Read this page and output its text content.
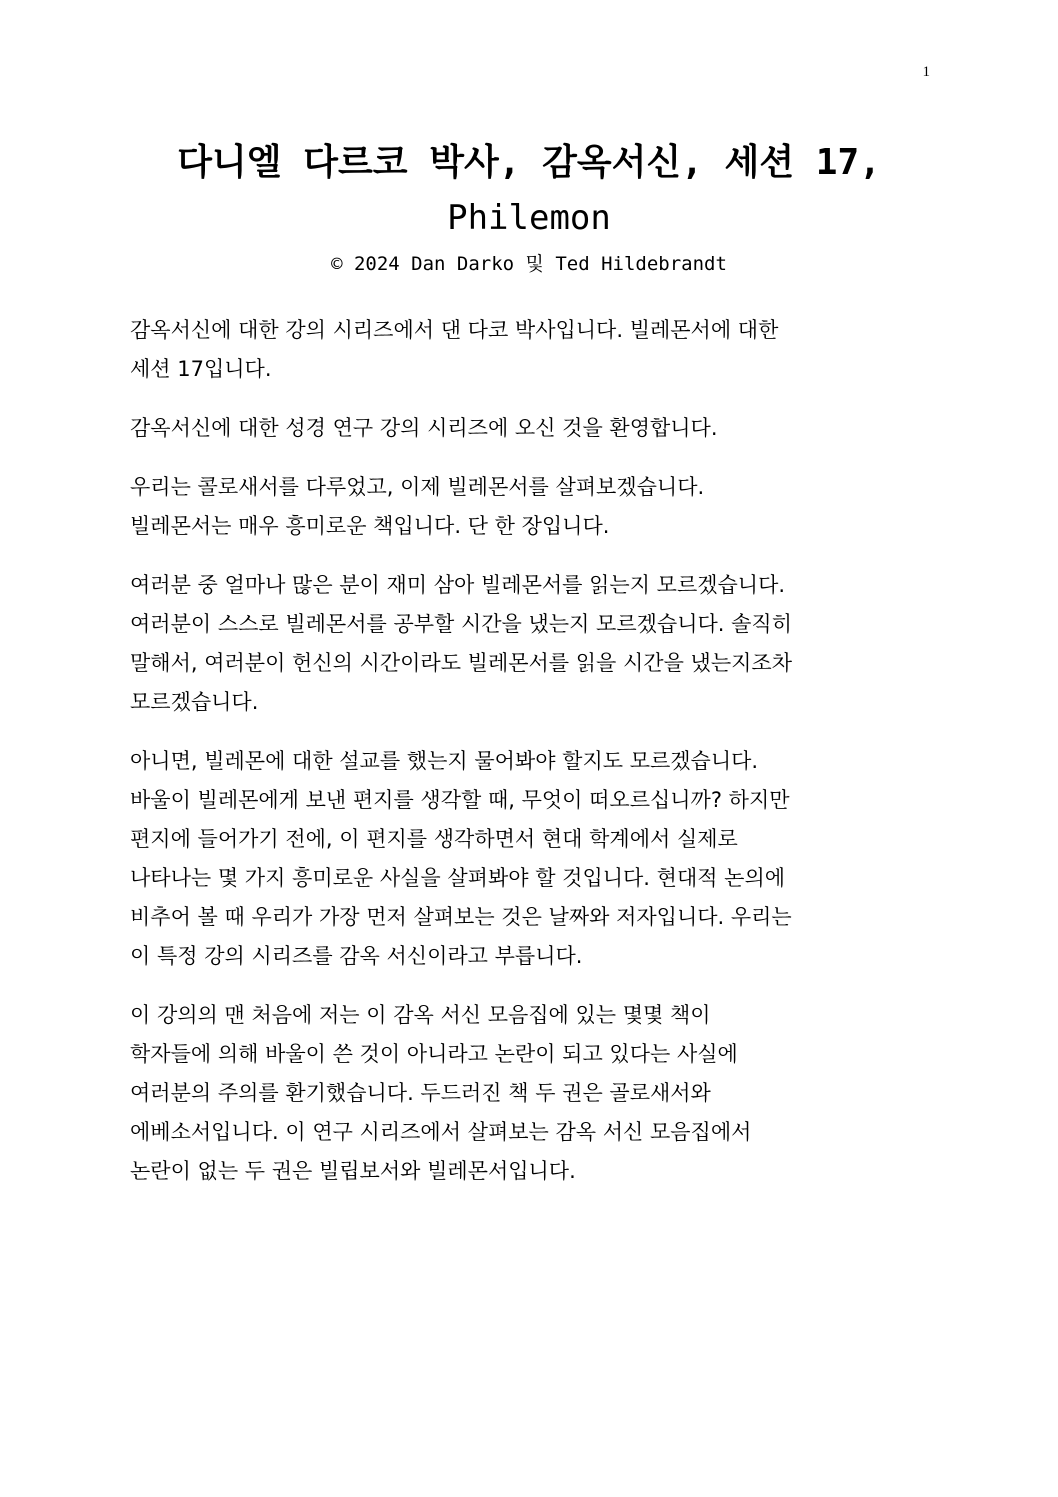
1
다니엘 다르코 박사, 감옥서신, 세션 17,
Philemon
© 2024 Dan Darko 및 Ted Hildebrandt

감옥서신에 대한 강의 시리즈에서 댄 다코 박사입니다. 빌레몬서에 대한
세션 17입니다.

감옥서신에 대한 성경 연구 강의 시리즈에 오신 것을 환영합니다.

우리는 콜로새서를 다루었고, 이제 빌레몬서를 살펴보겠습니다.
빌레몬서는 매우 흥미로운 책입니다. 단 한 장입니다.

여러분 중 얼마나 많은 분이 재미 삼아 빌레몬서를 읽는지 모르겠습니다.
여러분이 스스로 빌레몬서를 공부할 시간을 냈는지 모르겠습니다. 솔직히
말해서, 여러분이 헌신의 시간이라도 빌레몬서를 읽을 시간을 냈는지조차
모르겠습니다.

아니면, 빌레몬에 대한 설교를 했는지 물어봐야 할지도 모르겠습니다.
바울이 빌레몬에게 보낸 편지를 생각할 때, 무엇이 떠오르십니까? 하지만
편지에 들어가기 전에, 이 편지를 생각하면서 현대 학계에서 실제로
나타나는 몇 가지 흥미로운 사실을 살펴봐야 할 것입니다. 현대적 논의에
비추어 볼 때 우리가 가장 먼저 살펴보는 것은 날짜와 저자입니다. 우리는
이 특정 강의 시리즈를 감옥 서신이라고 부릅니다.

이 강의의 맨 처음에 저는 이 감옥 서신 모음집에 있는 몇몇 책이
학자들에 의해 바울이 쓴 것이 아니라고 논란이 되고 있다는 사실에
여러분의 주의를 환기했습니다. 두드러진 책 두 권은 골로새서와
에베소서입니다. 이 연구 시리즈에서 살펴보는 감옥 서신 모음집에서
논란이 없는 두 권은 빌립보서와 빌레몬서입니다.
